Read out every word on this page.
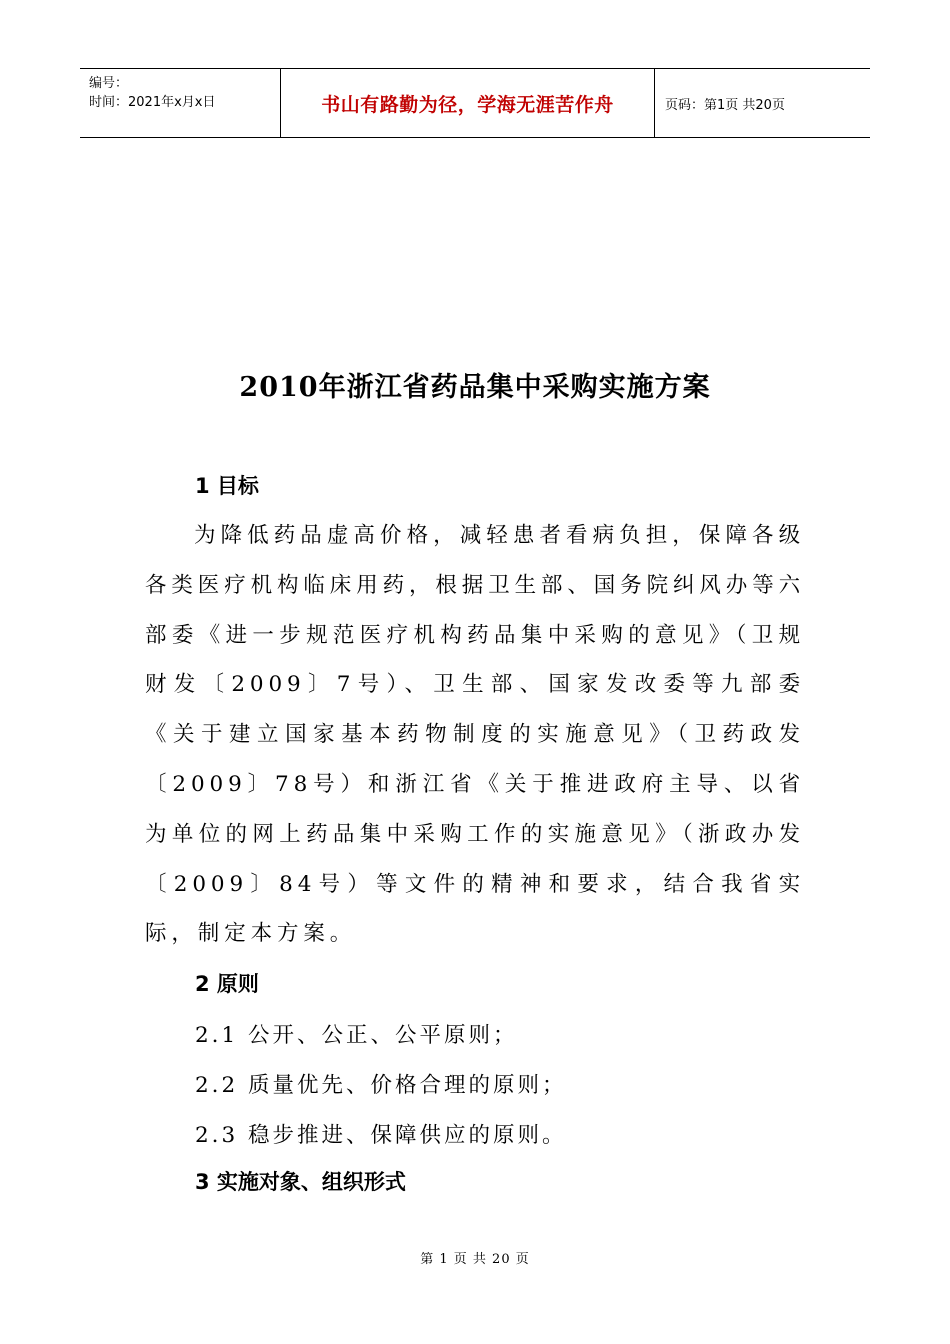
编号：
时间：2021年x月x日	书山有路勤为径，学海无涯苦作舟	页码：第1页 共20页
2010年浙江省药品集中采购实施方案
1 目标
为降低药品虚高价格，减轻患者看病负担，保障各级各类医疗机构临床用药，根据卫生部、国务院纠风办等六部委《进一步规范医疗机构药品集中采购的意见》（卫规财发〔2009〕7号）、卫生部、国家发改委等九部委《关于建立国家基本药物制度的实施意见》（卫药政发〔2009〕78号）和浙江省《关于推进政府主导、以省为单位的网上药品集中采购工作的实施意见》（浙政办发〔2009〕84号）等文件的精神和要求，结合我省实际，制定本方案。
2 原则
2.1 公开、公正、公平原则；
2.2 质量优先、价格合理的原则；
2.3 稳步推进、保障供应的原则。
3 实施对象、组织形式
第 1 页 共 20 页
